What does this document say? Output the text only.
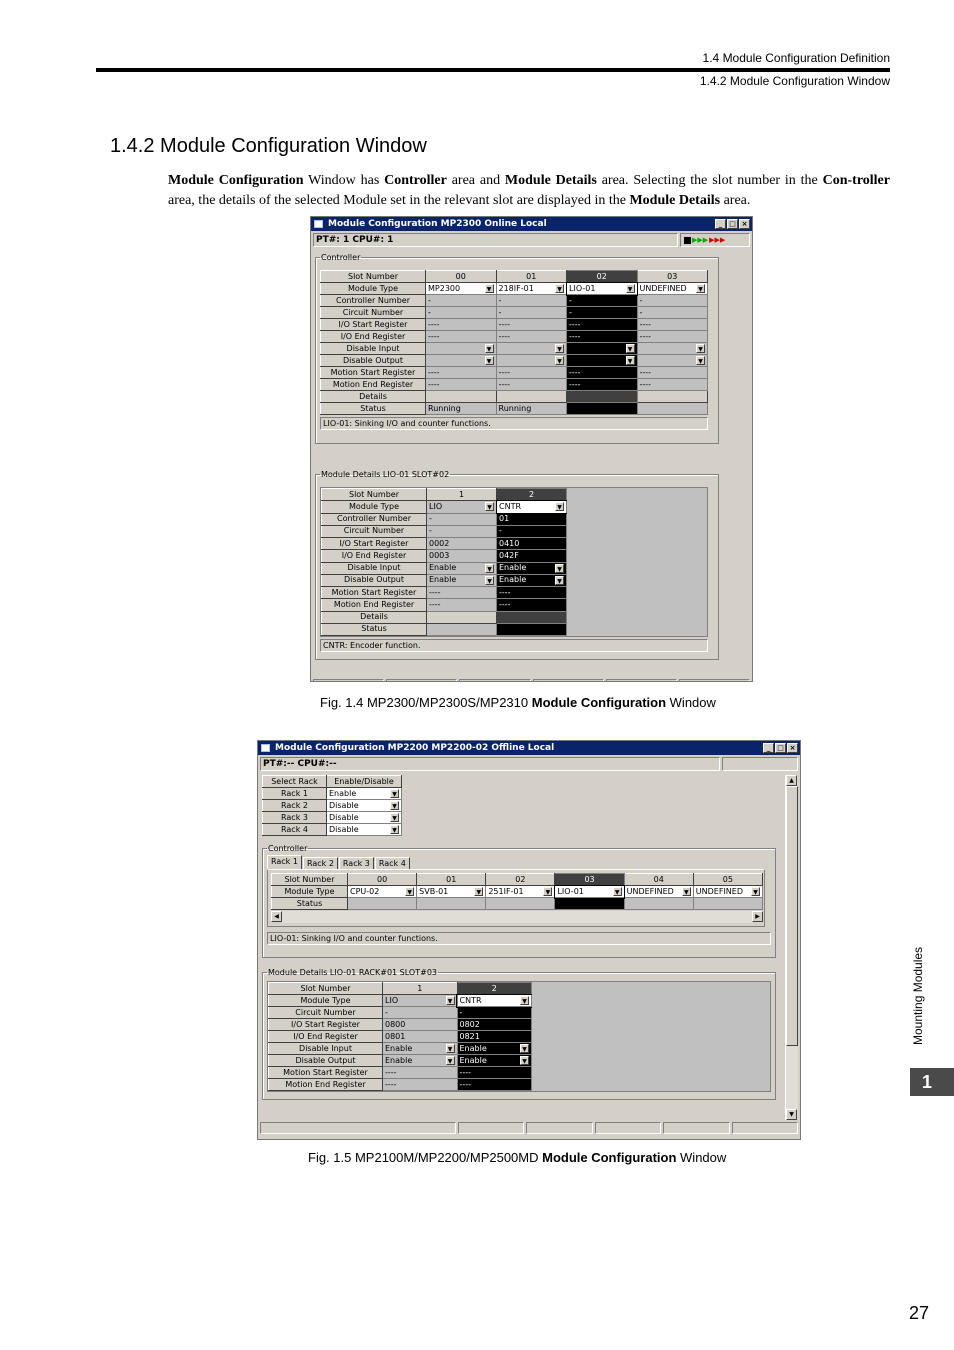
1.4 Module Configuration Definition
1.4.2 Module Configuration Window
1.4.2 Module Configuration Window

Module Configuration Window has Controller area and Module Details area. Selecting the slot number in the Con-troller area, the details of the selected Module set in the relevant slot are displayed in the Module Details area.

Module Configuration MP2300 Online Local	_ □ ×
PT#: 1 CPU#: 1	▶▶▶ ▶▶▶
Controller
Slot Number	00	01	02	03
Module Type	MP2300 ▼	218IF-01 ▼	LIO-01 ▼	UNDEFINED ▼

Controller Number	-	-	-	-
Circuit Number	-	-	-	-
I/O Start Register	----	----	----	----
I/O End Register	----	----	----	----
Disable Input	▼	▼	▼	▼

Disable Output	▼	▼	▼	▼

Motion Start Register	----	----	----	----
Motion End Register	----	----	----	----
Details				
Status	Running	Running		
LIO-01: Sinking I/O and counter functions.
Module Details LIO-01 SLOT#02
Slot Number	1	2
Module Type	LIO ▼	CNTR ▼

Controller Number	-	01
Circuit Number	-	-
I/O Start Register	0002	0410
I/O End Register	0003	042F
Disable Input	Enable ▼	Enable ▼

Disable Output	Enable ▼	Enable ▼

Motion Start Register	----	----
Motion End Register	----	----
Details		
Status		
CNTR: Encoder function.
Fig. 1.4 MP2300/MP2300S/MP2310 Module Configuration Window
Module Configuration MP2200 MP2200-02 Offline Local	_ □ ×
PT#:-- CPU#:--
Select Rack	Enable/Disable
Rack 1	Enable ▼

Rack 2	Disable ▼

Rack 3	Disable ▼

Rack 4	Disable ▼
Controller
Rack 1	Rack 2	Rack 3	Rack 4
Slot Number	00	01	02	03	04	05
Module Type	CPU-02 ▼	SVB-01 ▼	251IF-01 ▼	LIO-01 ▼	UNDEFINED ▼	UNDEFINED ▼

Status						
◀	▶
LIO-01: Sinking I/O and counter functions.
Module Details LIO-01 RACK#01 SLOT#03
Slot Number	1	2
Module Type	LIO ▼	CNTR ▼

Circuit Number	-	-
I/O Start Register	0800	0802
I/O End Register	0801	0821
Disable Input	Enable ▼	Enable ▼

Disable Output	Enable ▼	Enable ▼

Motion Start Register	----	----
Motion End Register	----	----
▲
▼
Fig. 1.5 MP2100M/MP2200/MP2500MD Module Configuration Window
Mounting Modules
1
27
